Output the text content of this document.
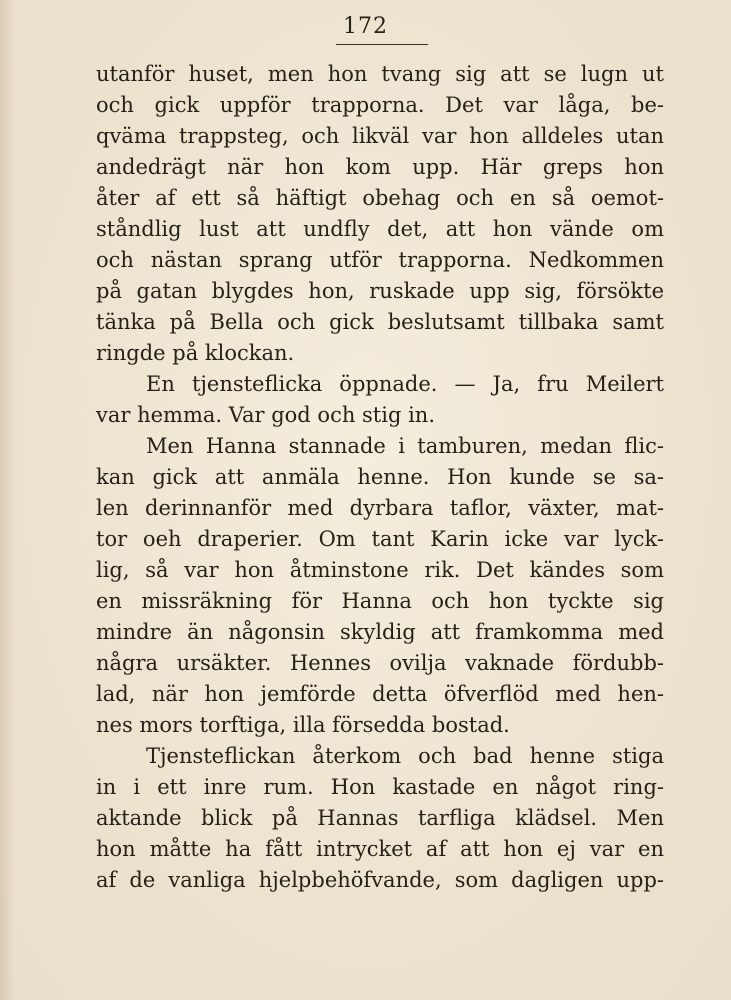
172
utanför huset, men hon tvang sig att se lugn ut
och gick uppför trapporna. Det var låga, be-
qväma trappsteg, och likväl var hon alldeles utan
andedrägt när hon kom upp. Här greps hon
åter af ett så häftigt obehag och en så oemot-
ståndlig lust att undfly det, att hon vände om
och nästan sprang utför trapporna. Nedkommen
på gatan blygdes hon, ruskade upp sig, försökte
tänka på Bella och gick beslutsamt tillbaka samt
ringde på klockan.
En tjensteflicka öppnade. — Ja, fru Meilert
var hemma. Var god och stig in.
Men Hanna stannade i tamburen, medan flic-
kan gick att anmäla henne. Hon kunde se sa-
len derinnanför med dyrbara taflor, växter, mat-
tor oeh draperier. Om tant Karin icke var lyck-
lig, så var hon åtminstone rik. Det kändes som
en missräkning för Hanna och hon tyckte sig
mindre än någonsin skyldig att framkomma med
några ursäkter. Hennes ovilja vaknade fördubb-
lad, när hon jemförde detta öfverflöd med hen-
nes mors torftiga, illa försedda bostad.
Tjensteflickan återkom och bad henne stiga
in i ett inre rum. Hon kastade en något ring-
aktande blick på Hannas tarfliga klädsel. Men
hon måtte ha fått intrycket af att hon ej var en
af de vanliga hjelpbehöfvande, som dagligen upp-
